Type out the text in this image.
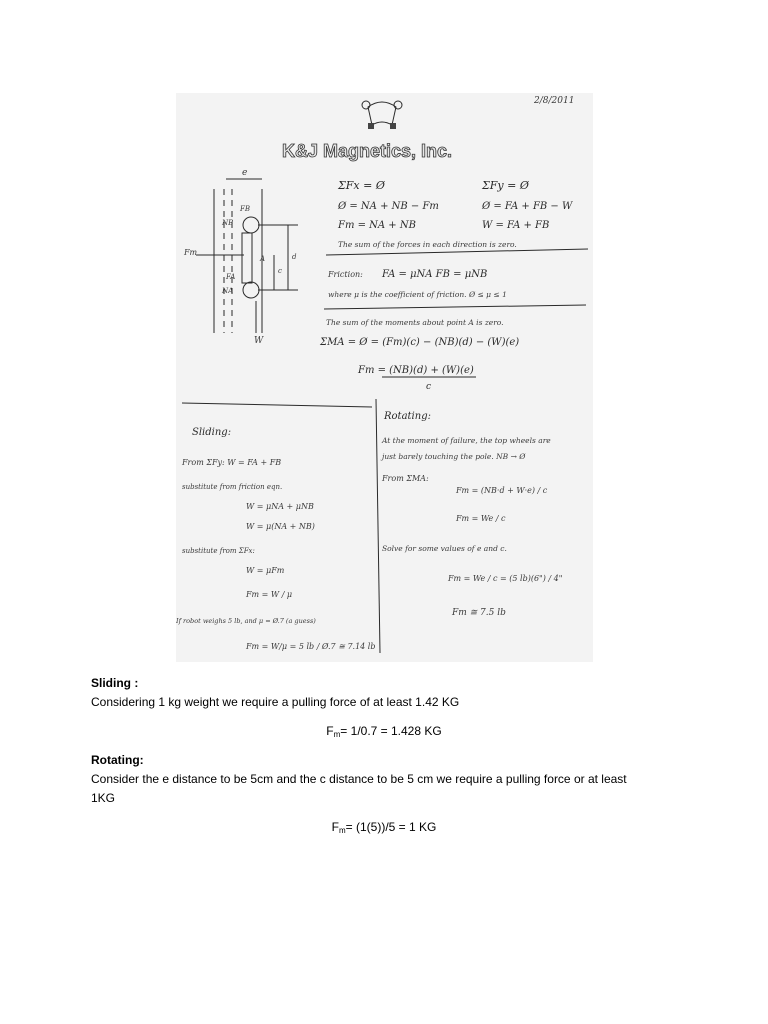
2/8/2011
K&J Magnetics, Inc.
e
Fm
FB
NB
FA
NA
A
c
d
W
ΣFx = Ø	ΣFy = Ø
Ø = NA + NB − Fm	Ø = FA + FB − W
Fm = NA + NB	W = FA + FB
The sum of the forces in each direction is zero.
Friction: FA = μNA FB = μNB
where μ is the coefficient of friction. Ø ≤ μ ≤ 1
The sum of the moments about point A is zero.
ΣMA = Ø = (Fm)(c) − (NB)(d) − (W)(e)
Fm = (NB)(d) + (W)(e)
c
Sliding:
From ΣFy: W = FA + FB
substitute from friction eqn.
W = μNA + μNB
W = μ(NA + NB)
substitute from ΣFx:
W = μFm
Fm = W / μ
If robot weighs 5 lb, and μ = Ø.7 (a guess)
Fm = W/μ = 5 lb / Ø.7 ≅ 7.14 lb
Rotating:
At the moment of failure, the top wheels are
just barely touching the pole. NB → Ø
From ΣMA:
Fm = (NB·d + W·e) / c
Fm = We / c
Solve for some values of e and c.
Fm = We / c = (5 lb)(6") / 4"
Fm ≅ 7.5 lb
Sliding :
Considering 1 kg weight we require a pulling force of at least 1.42 KG
$F_m= 1/0.7 = 1.428$ KG
Rotating:
Consider the e distance to be 5cm and the c distance to be 5 cm we require a pulling force or at least
1KG
$F_m= (1(5))/5 = 1$ KG
